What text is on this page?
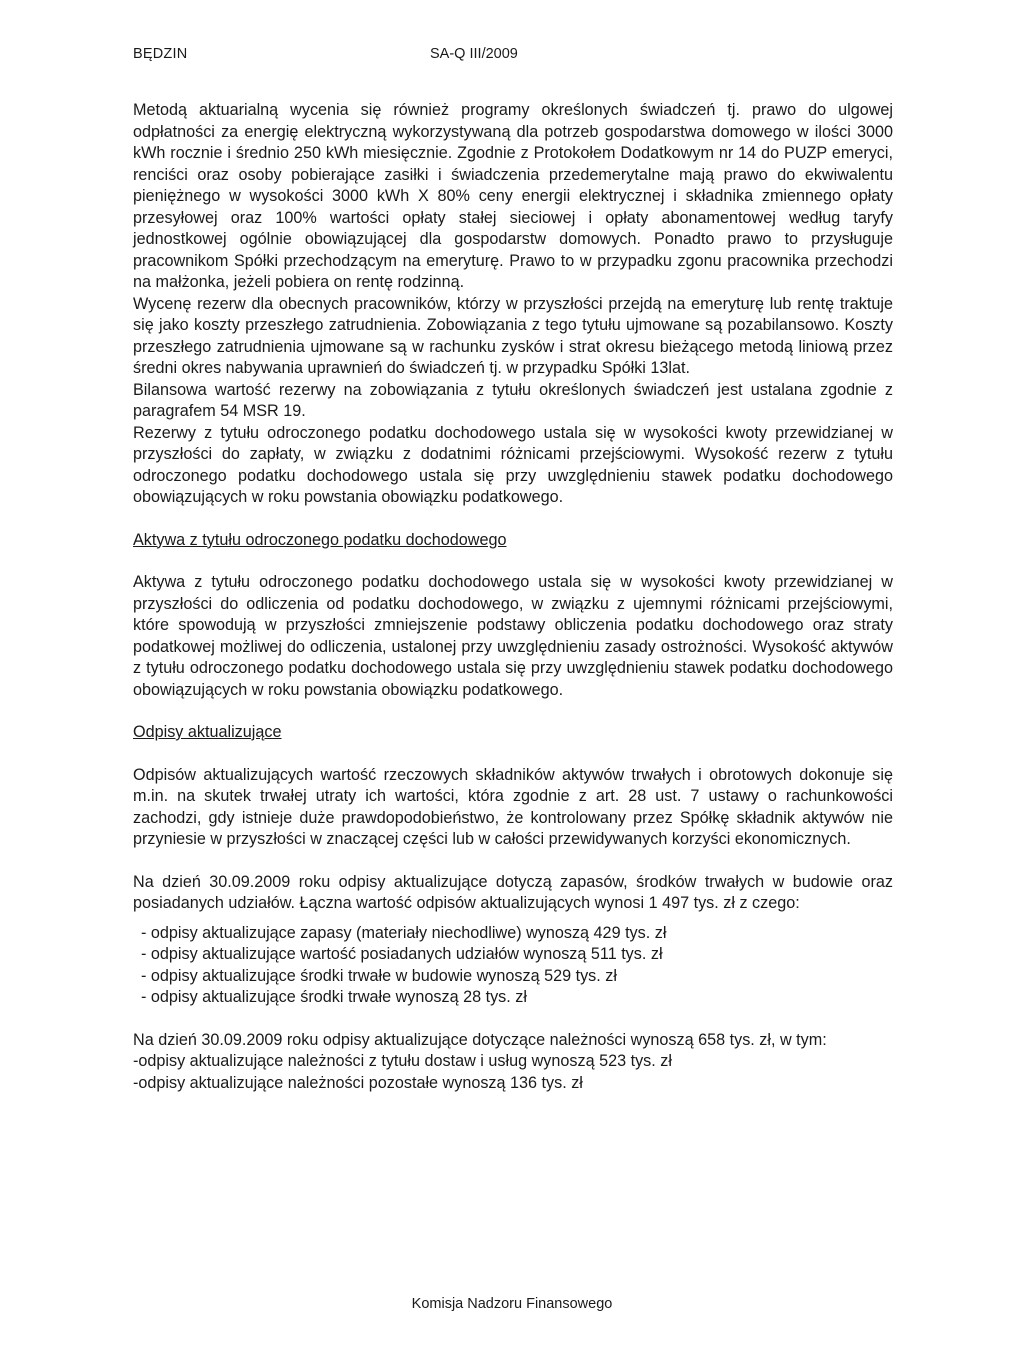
BĘDZIN	SA-Q III/2009

Metodą aktuarialną wycenia się również programy określonych świadczeń tj. prawo do ulgowej odpłatności za energię elektryczną wykorzystywaną dla potrzeb gospodarstwa domowego w ilości 3000 kWh rocznie i średnio 250 kWh miesięcznie. Zgodnie z Protokołem Dodatkowym nr 14 do PUZP emeryci, renciści oraz osoby pobierające zasiłki i świadczenia przedemerytalne mają prawo do ekwiwalentu pieniężnego w wysokości 3000 kWh X 80% ceny energii elektrycznej i składnika zmiennego opłaty przesyłowej oraz 100% wartości opłaty stałej sieciowej i opłaty abonamentowej według taryfy jednostkowej ogólnie obowiązującej dla gospodarstw domowych. Ponadto prawo to przysługuje pracownikom Spółki przechodzącym na emeryturę. Prawo to w przypadku zgonu pracownika przechodzi na małżonka, jeżeli pobiera on rentę rodzinną.

Wycenę rezerw dla obecnych pracowników, którzy w przyszłości przejdą na emeryturę lub rentę traktuje się jako koszty przeszłego zatrudnienia. Zobowiązania z tego tytułu ujmowane są pozabilansowo. Koszty przeszłego zatrudnienia ujmowane są w rachunku zysków i strat okresu bieżącego metodą liniową przez średni okres nabywania uprawnień do świadczeń tj. w przypadku Spółki 13lat.

Bilansowa wartość rezerwy na zobowiązania z tytułu określonych świadczeń jest ustalana zgodnie z paragrafem 54 MSR 19.

Rezerwy z tytułu odroczonego podatku dochodowego ustala się w wysokości kwoty przewidzianej w przyszłości do zapłaty, w związku z dodatnimi różnicami przejściowymi. Wysokość rezerw z tytułu odroczonego podatku dochodowego ustala się przy uwzględnieniu stawek podatku dochodowego obowiązujących w roku powstania obowiązku podatkowego.

Aktywa z tytułu odroczonego podatku dochodowego

Aktywa z tytułu odroczonego podatku dochodowego ustala się w wysokości kwoty przewidzianej w przyszłości do odliczenia od podatku dochodowego, w związku z ujemnymi różnicami przejściowymi, które spowodują w przyszłości zmniejszenie podstawy obliczenia podatku dochodowego oraz straty podatkowej możliwej do odliczenia, ustalonej przy uwzględnieniu zasady ostrożności. Wysokość aktywów z tytułu odroczonego podatku dochodowego ustala się przy uwzględnieniu stawek podatku dochodowego obowiązujących w roku powstania obowiązku podatkowego.

Odpisy aktualizujące

Odpisów aktualizujących wartość rzeczowych składników aktywów trwałych i obrotowych dokonuje się m.in. na skutek trwałej utraty ich wartości, która zgodnie z art. 28 ust. 7 ustawy o rachunkowości zachodzi, gdy istnieje duże prawdopodobieństwo, że kontrolowany przez Spółkę składnik aktywów nie przyniesie w przyszłości w znaczącej części lub w całości przewidywanych korzyści ekonomicznych.

Na dzień 30.09.2009 roku odpisy aktualizujące dotyczą zapasów, środków trwałych w budowie oraz posiadanych udziałów. Łączna wartość odpisów aktualizujących wynosi 1 497 tys. zł z czego:

- odpisy aktualizujące zapasy (materiały niechodliwe) wynoszą 429 tys. zł
- odpisy aktualizujące wartość posiadanych udziałów wynoszą 511 tys. zł
- odpisy aktualizujące środki trwałe w budowie wynoszą 529 tys. zł
- odpisy aktualizujące środki trwałe wynoszą 28 tys. zł

Na dzień 30.09.2009 roku odpisy aktualizujące dotyczące należności wynoszą 658 tys. zł, w tym:

-odpisy aktualizujące należności z tytułu dostaw i usług wynoszą 523 tys. zł

-odpisy aktualizujące należności pozostałe wynoszą 136 tys. zł

Komisja Nadzoru Finansowego
